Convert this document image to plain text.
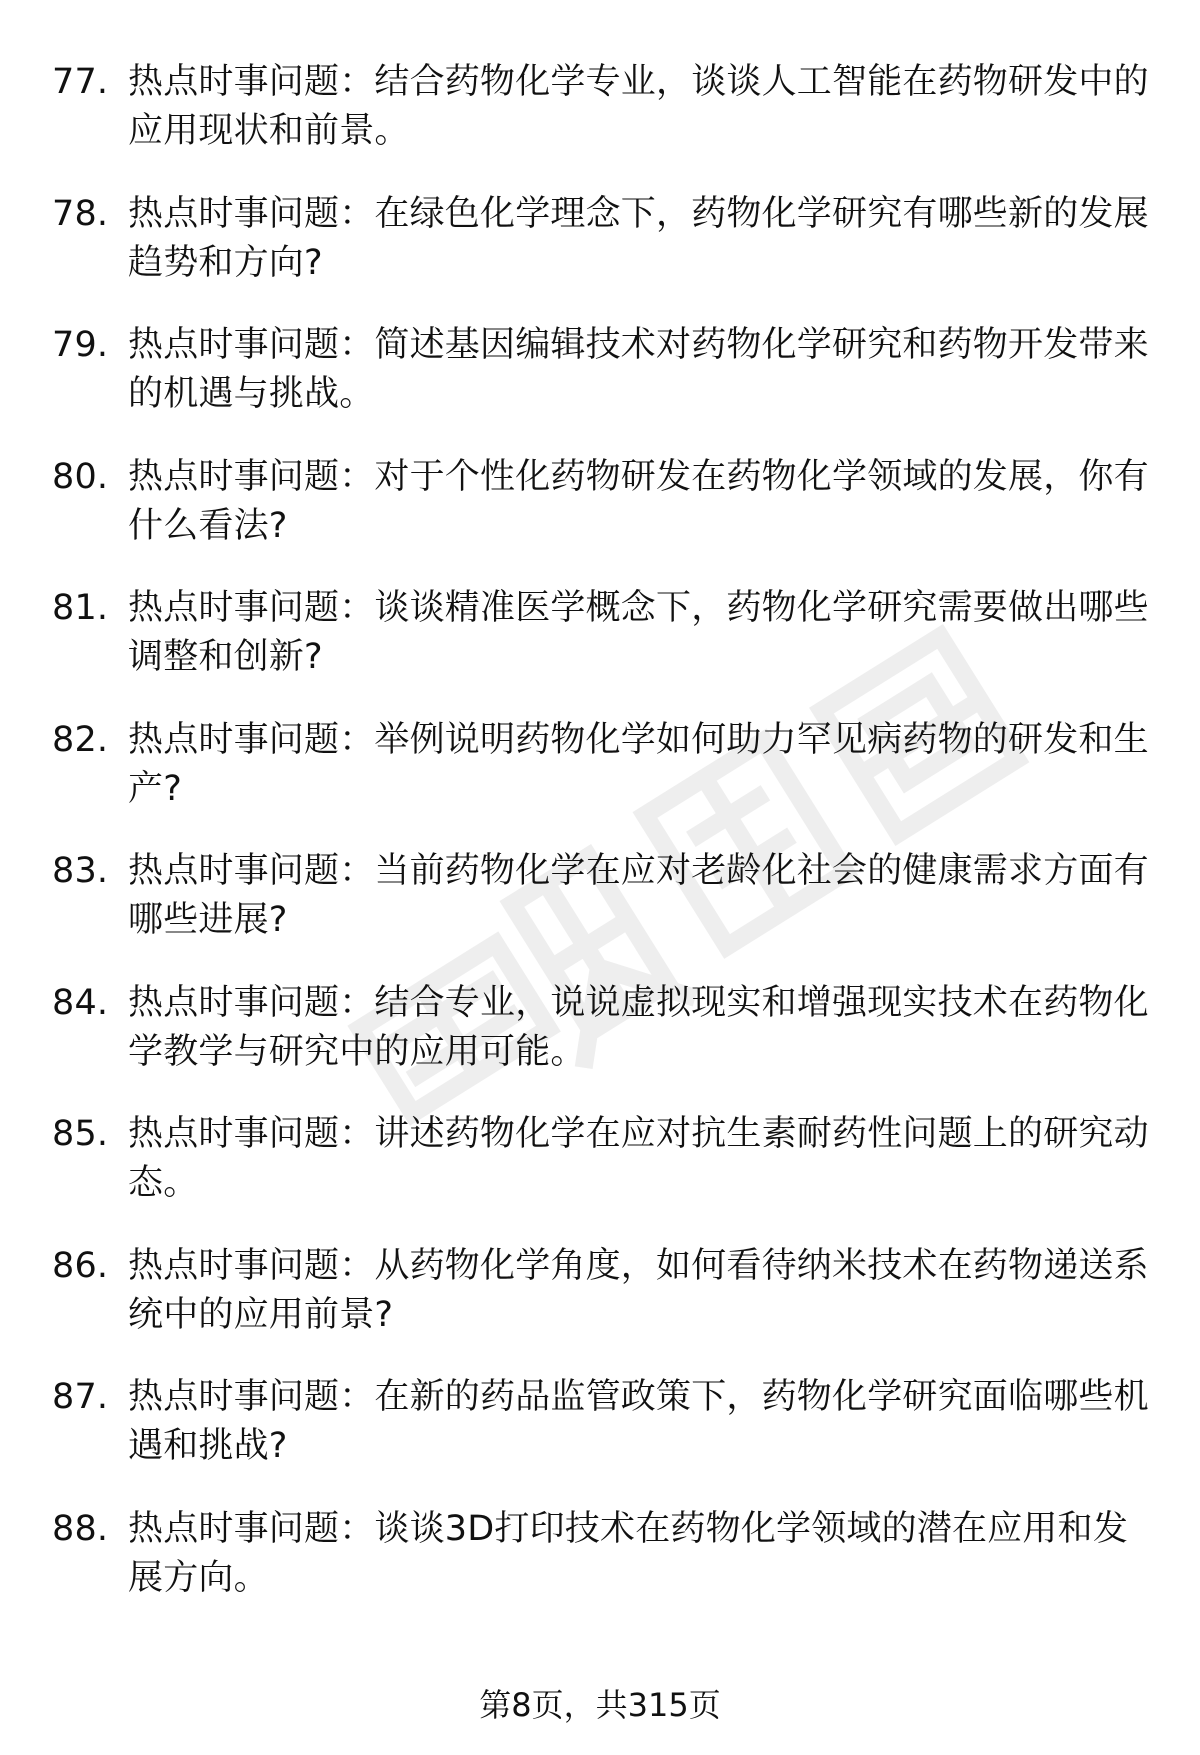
77. 热点时事问题：结合药物化学专业，谈谈人工智能在药物研发中的应用现状和前景。
78. 热点时事问题：在绿色化学理念下，药物化学研究有哪些新的发展趋势和方向?
79. 热点时事问题：简述基因编辑技术对药物化学研究和药物开发带来的机遇与挑战。
80. 热点时事问题：对于个性化药物研发在药物化学领域的发展，你有什么看法?
81. 热点时事问题：谈谈精准医学概念下，药物化学研究需要做出哪些调整和创新?
82. 热点时事问题：举例说明药物化学如何助力罕见病药物的研发和生产?
83. 热点时事问题：当前药物化学在应对老龄化社会的健康需求方面有哪些进展?
84. 热点时事问题：结合专业，说说虚拟现实和增强现实技术在药物化学教学与研究中的应用可能。
85. 热点时事问题：讲述药物化学在应对抗生素耐药性问题上的研究动态。
86. 热点时事问题：从药物化学角度，如何看待纳米技术在药物递送系统中的应用前景?
87. 热点时事问题：在新的药品监管政策下，药物化学研究面临哪些机遇和挑战?
88. 热点时事问题：谈谈3D打印技术在药物化学领域的潜在应用和发展方向。
第8页，共315页
